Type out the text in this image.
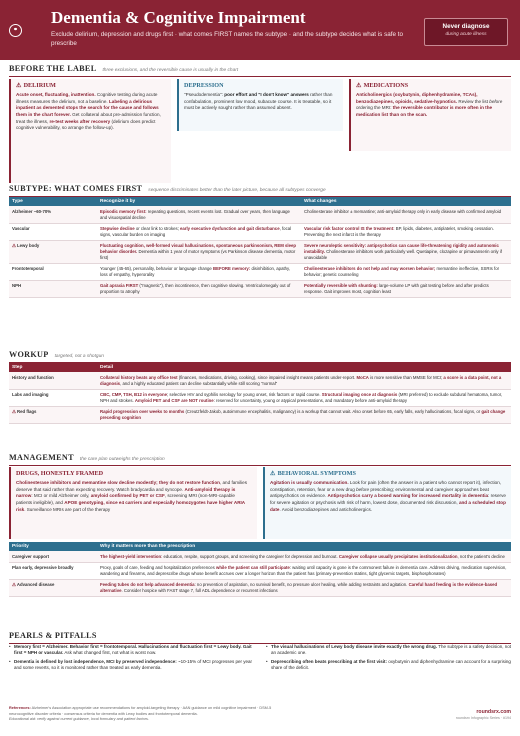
⚭
Dementia & Cognitive Impairment
Exclude delirium, depression and drugs first · what comes FIRST names the subtype · and the subtype decides what is safe to prescribe
Never diagnose
during acute illness
BEFORE THE LABEL three exclusions, and the reversible cause is usually in the chart
⚠ DELIRIUM
Acute onset, fluctuating, inattention. Cognitive testing during acute illness measures the delirium, not a baseline. Labeling a delirious inpatient as demented stops the search for the cause and follows them in the chart forever. Get collateral about pre-admission function, treat the illness, re-test weeks after recovery (delirium does predict cognitive vulnerability, so arrange the follow-up).
DEPRESSION
"Pseudodementia": poor effort and "I don't know" answers rather than confabulation, prominent low mood, subacute course. It is treatable, so it must be actively sought rather than assumed absent.
⚠ MEDICATIONS
Anticholinergics (oxybutynin, diphenhydramine, TCAs), benzodiazepines, opioids, sedative-hypnotics. Review the list before ordering the MRI: the reversible contributor is more often in the medication list than on the scan.
SUBTYPE: WHAT COMES FIRST sequence discriminates better than the later picture, because all subtypes converge
Type	Recognize it by	What changes
Alzheimer ~60-70%	Episodic memory first: repeating questions, recent events lost. Gradual over years, then language and visuospatial decline	Cholinesterase inhibitor ± memantine; anti-amyloid therapy only in early disease with confirmed amyloid
Vascular	Stepwise decline or clear link to strokes; early executive dysfunction and gait disturbance, focal signs, vascular burden on imaging	Vascular risk factor control IS the treatment: BP, lipids, diabetes, antiplatelet, smoking cessation. Preventing the next infarct is the therapy
⚠ Lewy body	Fluctuating cognition, well-formed visual hallucinations, spontaneous parkinsonism, REM sleep behavior disorder. Dementia within 1 year of motor symptoms (vs Parkinson disease dementia, motor first)	Severe neuroleptic sensitivity: antipsychotics can cause life-threatening rigidity and autonomic instability. Cholinesterase inhibitors work particularly well. Quetiapine, clozapine or pimavanserin only if unavoidable
Frontotemporal	Younger (45-65), personality, behavior or language change BEFORE memory: disinhibition, apathy, loss of empathy, hyperorality	Cholinesterase inhibitors do not help and may worsen behavior; memantine ineffective, SSRIs for behavior; genetic counseling
NPH	Gait apraxia FIRST ("magnetic"), then incontinence, then cognitive slowing. Ventriculomegaly out of proportion to atrophy	Potentially reversible with shunting: large-volume LP with gait testing before and after predicts response. Gait improves most, cognition least
WORKUP targeted, not a shotgun
Step	Detail
History and function	Collateral history beats any office test (finances, medications, driving, cooking), since impaired insight means patients under-report. MoCA is more sensitive than MMSE for MCI; a score is a data point, not a diagnosis, and a highly educated patient can decline substantially while still scoring "normal"
Labs and imaging	CBC, CMP, TSH, B12 in everyone; selective HIV and syphilis serology for young onset, risk factors or rapid course. Structural imaging once at diagnosis (MRI preferred) to exclude subdural hematoma, tumor, NPH and strokes. Amyloid PET and CSF are NOT routine: reserved for uncertainty, young or atypical presentations, and mandatory before anti-amyloid therapy
⚠ Red flags	Rapid progression over weeks to months (Creutzfeldt-Jakob, autoimmune encephalitis, malignancy) is a workup that cannot wait. Also onset before 65, early falls, early hallucinations, focal signs, or gait change preceding cognition
MANAGEMENT the care plan outweighs the prescription
DRUGS, HONESTLY FRAMED
Cholinesterase inhibitors and memantine slow decline modestly; they do not restore function, and families deserve that said rather than expecting recovery. Watch bradycardia and syncope. Anti-amyloid therapy is narrow: MCI or mild Alzheimer only, amyloid confirmed by PET or CSF, screening MRI (non-MRI-capable patients ineligible), and APOE genotyping, since e4 carriers and especially homozygotes have higher ARIA risk. Surveillance MRIs are part of the therapy
⚠ BEHAVIORAL SYMPTOMS
Agitation is usually communication. Look for pain (often the answer in a patient who cannot report it), infection, constipation, retention, fear or a new drug before prescribing; environmental and caregiver approaches beat antipsychotics on evidence. Antipsychotics carry a boxed warning for increased mortality in dementia: reserve for severe agitation or psychosis with risk of harm, lowest dose, documented risk discussion, and a scheduled stop date. Avoid benzodiazepines and anticholinergics.
Priority	Why it matters more than the prescription
Caregiver support	The highest-yield intervention: education, respite, support groups, and screening the caregiver for depression and burnout. Caregiver collapse usually precipitates institutionalization, not the patient's decline
Plan early, depressive broadly	Proxy, goals of care, feeding and hospitalization preferences while the patient can still participate: waiting until capacity is gone is the commonest failure in dementia care. Address driving, medication supervision, wandering and firearms, and deprescribe drugs whose benefit accrues over a longer horizon than the patient has (primary-prevention statins, tight glycemic targets, bisphosphonates)
⚠ Advanced disease	Feeding tubes do not help advanced dementia: no prevention of aspiration, no survival benefit, no pressure ulcer healing, while adding restraints and agitation. Careful hand feeding is the evidence-based alternative. Consider hospice with FAST stage 7, full ADL dependence or recurrent infections
PEARLS & PITFALLS
• Memory first = Alzheimer. Behavior first = frontotemporal. Hallucinations and fluctuation first = Lewy body. Gait first = NPH or vascular. Ask what changed first, not what is worst now.
• Dementia is defined by lost independence, MCI by preserved independence: ~10-15% of MCI progresses per year and some reverts, so it is monitored rather than treated as early dementia.
• The visual hallucinations of Lewy body disease invite exactly the wrong drug. The subtype is a safety decision, not an academic one.
• Deprescribing often beats prescribing at the first visit: oxybutynin and diphenhydramine can account for a surprising share of the deficit.
References: Alzheimer's Association appropriate use recommendations for amyloid-targeting therapy · AAN guidance on mild cognitive impairment · DSM-5
neurocognitive disorder criteria · consensus criteria for dementia with Lewy bodies and frontotemporal dementia.
Educational aid: verify against current guidance, local formulary and patient factors.
roundsrx.com
roundsrx Infographic Series · #194
